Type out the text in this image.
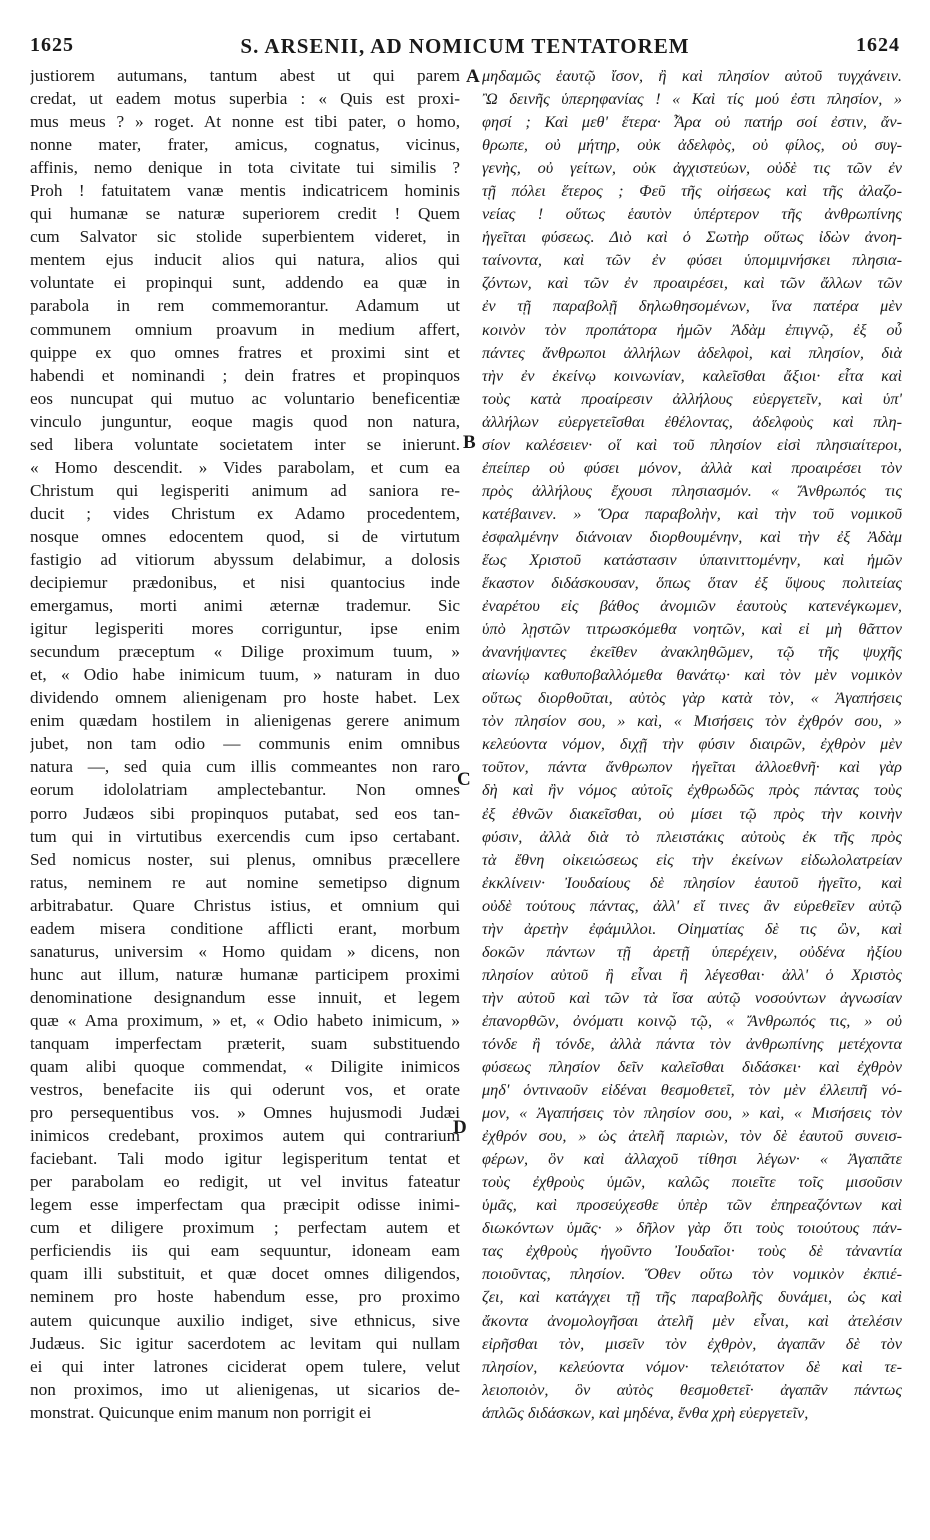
1625	S. ARSENII, AD NOMICUM TENTATOREM	1624
justiorem autumans, tantum abest ut qui parem
credat, ut eadem motus superbia : « Quis est proxi-
mus meus ? » roget. At nonne est tibi pater, o homo,
nonne mater, frater, amicus, cognatus, vicinus,
affinis, nemo denique in tota civitate tui similis ?
Proh ! fatuitatem vanæ mentis indicatricem hominis
qui humanæ se naturæ superiorem credit ! Quem
cum Salvator sic stolide superbientem videret, in
mentem ejus inducit alios qui natura, alios qui
voluntate ei propinqui sunt, addendo ea quæ in
parabola in rem commemorantur. Adamum ut
communem omnium proavum in medium affert,
quippe ex quo omnes fratres et proximi sint et
habendi et nominandi ; dein fratres et propinquos
eos nuncupat qui mutuo ac voluntario beneficentiæ
vinculo junguntur, eoque magis quod non natura,
sed libera voluntate societatem inter se inierunt.
« Homo descendit. » Vides parabolam, et cum ea
Christum qui legisperiti animum ad saniora re-
ducit ; vides Christum ex Adamo procedentem,
nosque omnes edocentem quod, si de virtutum
fastigio ad vitiorum abyssum delabimur, a dolosis
decipiemur prædonibus, et nisi quantocius inde
emergamus, morti animi æternæ trademur. Sic
igitur legisperiti mores corriguntur, ipse enim
secundum præceptum « Dilige proximum tuum, »
et, « Odio habe inimicum tuum, » naturam in duo
dividendo omnem alienigenam pro hoste habet. Lex
enim quædam hostilem in alienigenas gerere animum
jubet, non tam odio — communis enim omnibus
natura —, sed quia cum illis commeantes non raro
eorum idololatriam amplectebantur. Non omnes
porro Judæos sibi propinquos putabat, sed eos tan-
tum qui in virtutibus exercendis cum ipso certabant.
Sed nomicus noster, sui plenus, omnibus præcellere
ratus, neminem re aut nomine semetipso dignum
arbitrabatur. Quare Christus istius, et omnium qui
eadem misera conditione afflicti erant, morbum
sanaturus, universim « Homo quidam » dicens, non
hunc aut illum, naturæ humanæ participem proximi
denominatione designandum esse innuit, et legem
quæ « Ama proximum, » et, « Odio habeto inimicum, »
tanquam imperfectam præterit, suam substituendo
quam alibi quoque commendat, « Diligite inimicos
vestros, benefacite iis qui oderunt vos, et orate
pro persequentibus vos. » Omnes hujusmodi Judæi
inimicos credebant, proximos autem qui contrarium
faciebant. Tali modo igitur legisperitum tentat et
per parabolam eo redigit, ut vel invitus fateatur
legem esse imperfectam qua præcipit odisse inimi-
cum et diligere proximum ; perfectam autem et
perficiendis iis qui eam sequuntur, idoneam eam
quam illi substituit, et quæ docet omnes diligendos,
neminem pro hoste habendum esse, pro proximo
autem quicunque auxilio indiget, sive ethnicus, sive
Judæus. Sic igitur sacerdotem ac levitam qui nullam
ei qui inter latrones ciciderat opem tulere, velut
non proximos, imo ut alienigenas, ut sicarios de-
monstrat. Quicunque enim manum non porrigit ei
A
B
C
D
μηδαμῶς ἑαυτῷ ἴσον, ἢ καὶ πλησίον αὐτοῦ τυγχάνειν.
Ὢ δεινῆς ὑπερηφανίας ! « Καὶ τίς μού ἐστι πλησίον, »
φησί ; Καὶ μεθ' ἕτερα· Ἆρα οὐ πατήρ σοί ἐστιν, ἄν-
θρωπε, οὐ μήτηρ, οὐκ ἀδελφὸς, οὐ φίλος, οὐ συγ-
γενὴς, οὐ γείτων, οὐκ ἀγχιστεύων, οὐδὲ τις τῶν ἐν
τῇ πόλει ἕτερος ; Φεῦ τῆς οἰήσεως καὶ τῆς ἀλαζο-
νείας ! οὕτως ἑαυτὸν ὑπέρτερον τῆς ἀνθρωπίνης
ἡγεῖται φύσεως. Διὸ καὶ ὁ Σωτὴρ οὕτως ἰδὼν ἀνοη-
ταίνοντα, καὶ τῶν ἐν φύσει ὑπομιμνήσκει πλησια-
ζόντων, καὶ τῶν ἐν προαιρέσει, καὶ τῶν ἄλλων τῶν
ἐν τῇ παραβολῇ δηλωθησομένων, ἵνα πατέρα μὲν
κοινὸν τὸν προπάτορα ἡμῶν Ἀδὰμ ἐπιγνῷ, ἐξ οὗ
πάντες ἄνθρωποι ἀλλήλων ἀδελφοὶ, καὶ πλησίον, διὰ
τὴν ἐν ἐκείνῳ κοινωνίαν, καλεῖσθαι ἄξιοι· εἶτα καὶ
τοὺς κατὰ προαίρεσιν ἀλλήλους εὐεργετεῖν, καὶ ὑπ'
ἀλλήλων εὐεργετεῖσθαι ἐθέλοντας, ἀδελφοὺς καὶ πλη-
σίον καλέσειεν· οἵ καὶ τοῦ πλησίον εἰσὶ πλησιαίτεροι,
ἐπείπερ οὐ φύσει μόνον, ἀλλὰ καὶ προαιρέσει τὸν
πρὸς ἀλλήλους ἔχουσι πλησιασμόν. « Ἄνθρωπός τις
κατέβαινεν. » Ὅρα παραβολὴν, καὶ τὴν τοῦ νομικοῦ
ἐσφαλμένην διάνοιαν διορθουμένην, καὶ τὴν ἐξ Ἀδὰμ
ἕως Χριστοῦ κατάστασιν ὑπαινιττομένην, καὶ ἡμῶν
ἕκαστον διδάσκουσαν, ὅπως ὅταν ἐξ ὕψους πολιτείας
ἐναρέτου εἰς βάθος ἀνομιῶν ἑαυτοὺς κατενέγκωμεν,
ὑπὸ λῃστῶν τιτρωσκόμεθα νοητῶν, καὶ εἰ μὴ θᾶττον
ἀνανήψαντες ἐκεῖθεν ἀνακληθῶμεν, τῷ τῆς ψυχῆς
αἰωνίῳ καθυποβαλλόμεθα θανάτῳ· καὶ τὸν μὲν νομικὸν
οὕτως διορθοῦται, αὐτὸς γὰρ κατὰ τὸν, « Ἀγαπήσεις
τὸν πλησίον σου, » καὶ, « Μισήσεις τὸν ἐχθρόν σου, »
κελεύοντα νόμον, διχῇ τὴν φύσιν διαιρῶν, ἐχθρὸν μὲν
τοῦτον, πάντα ἄνθρωπον ἡγεῖται ἀλλοεθνῆ· καὶ γὰρ
δὴ καὶ ἢν νόμος αὐτοῖς ἐχθρωδῶς πρὸς πάντας τοὺς
ἐξ ἐθνῶν διακεῖσθαι, οὐ μίσει τῷ πρὸς τὴν κοινὴν
φύσιν, ἀλλὰ διὰ τὸ πλειστάκις αὐτοὺς ἐκ τῆς πρὸς
τὰ ἔθνη οἰκειώσεως εἰς τὴν ἐκείνων εἰδωλολατρείαν
ἐκκλίνειν· Ἰουδαίους δὲ πλησίον ἑαυτοῦ ἡγεῖτο, καὶ
οὐδὲ τούτους πάντας, ἀλλ' εἴ τινες ἂν εὑρεθεῖεν αὐτῷ
τὴν ἀρετὴν ἐφάμιλλοι. Οἰηματίας δὲ τις ὢν, καὶ
δοκῶν πάντων τῇ ἀρετῇ ὑπερέχειν, οὐδένα ἠξίου
πλησίον αὐτοῦ ἢ εἶναι ἢ λέγεσθαι· ἀλλ' ὁ Χριστὸς
τὴν αὐτοῦ καὶ τῶν τὰ ἴσα αὐτῷ νοσούντων ἀγνωσίαν
ἐπανορθῶν, ὀνόματι κοινῷ τῷ, « Ἄνθρωπός τις, » οὐ
τόνδε ἢ τόνδε, ἀλλὰ πάντα τὸν ἀνθρωπίνης μετέχοντα
φύσεως πλησίον δεῖν καλεῖσθαι διδάσκει· καὶ ἐχθρὸν
μηδ' ὁντιναοῦν εἰδέναι θεσμοθετεῖ, τὸν μὲν ἐλλειπῆ νό-
μον, « Ἀγαπήσεις τὸν πλησίον σου, » καὶ, « Μισήσεις τὸν
ἐχθρόν σου, » ὡς ἀτελῆ παριὼν, τὸν δὲ ἑαυτοῦ συνεισ-
φέρων, ὃν καὶ ἀλλαχοῦ τίθησι λέγων· « Ἀγαπᾶτε
τοὺς ἐχθροὺς ὑμῶν, καλῶς ποιεῖτε τοῖς μισοῦσιν
ὑμᾶς, καὶ προσεύχεσθε ὑπὲρ τῶν ἐπηρεαζόντων καὶ
διωκόντων ὑμᾶς· » δῆλον γὰρ ὅτι τοὺς τοιούτους πάν-
τας ἐχθροὺς ἡγοῦντο Ἰουδαῖοι· τοὺς δὲ τἀναντία
ποιοῦντας, πλησίον. Ὅθεν οὕτω τὸν νομικὸν ἐκπιέ-
ζει, καὶ κατάγχει τῇ τῆς παραβολῆς δυνάμει, ὡς καὶ
ἄκοντα ἀνομολογῆσαι ἀτελῆ μὲν εἶναι, καὶ ἀτελέσιν
εἰρῆσθαι τὸν, μισεῖν τὸν ἐχθρὸν, ἀγαπᾶν δὲ τὸν
πλησίον, κελεύοντα νόμον· τελειότατον δὲ καὶ τε-
λειοποιὸν, ὃν αὐτὸς θεσμοθετεῖ· ἀγαπᾶν πάντως
ἁπλῶς διδάσκων, καὶ μηδένα, ἔνθα χρὴ εὐεργετεῖν,
